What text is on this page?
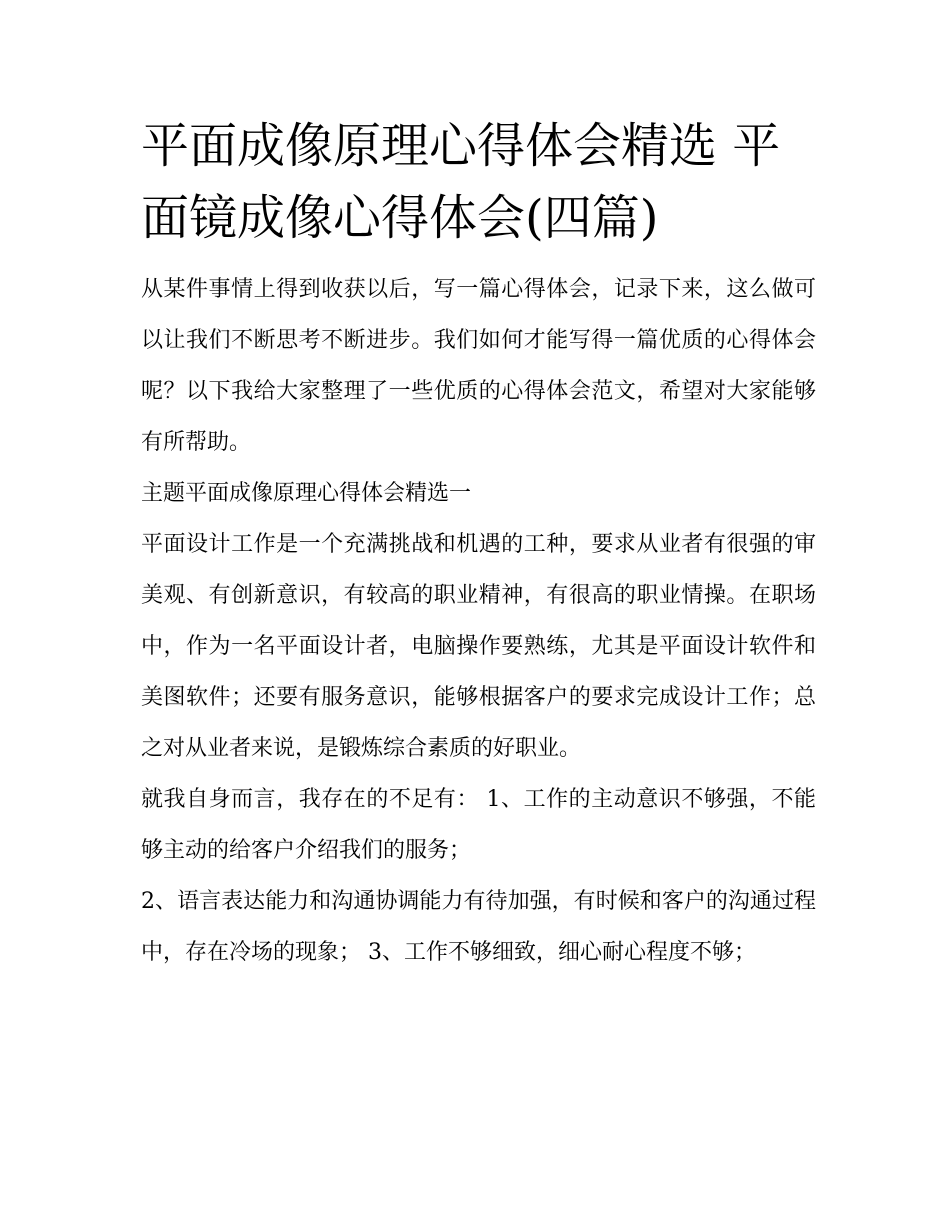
平面成像原理心得体会精选 平面镜成像心得体会(四篇)

从某件事情上得到收获以后，写一篇心得体会，记录下来，这么做可以让我们不断思考不断进步。我们如何才能写得一篇优质的心得体会呢？以下我给大家整理了一些优质的心得体会范文，希望对大家能够有所帮助。

主题平面成像原理心得体会精选一

平面设计工作是一个充满挑战和机遇的工种，要求从业者有很强的审美观、有创新意识，有较高的职业精神，有很高的职业情操。在职场中，作为一名平面设计者，电脑操作要熟练，尤其是平面设计软件和美图软件；还要有服务意识，能够根据客户的要求完成设计工作；总之对从业者来说，是锻炼综合素质的好职业。

就我自身而言，我存在的不足有： 1、工作的主动意识不够强，不能够主动的给客户介绍我们的服务；

2、语言表达能力和沟通协调能力有待加强，有时候和客户的沟通过程中，存在冷场的现象； 3、工作不够细致，细心耐心程度不够；
